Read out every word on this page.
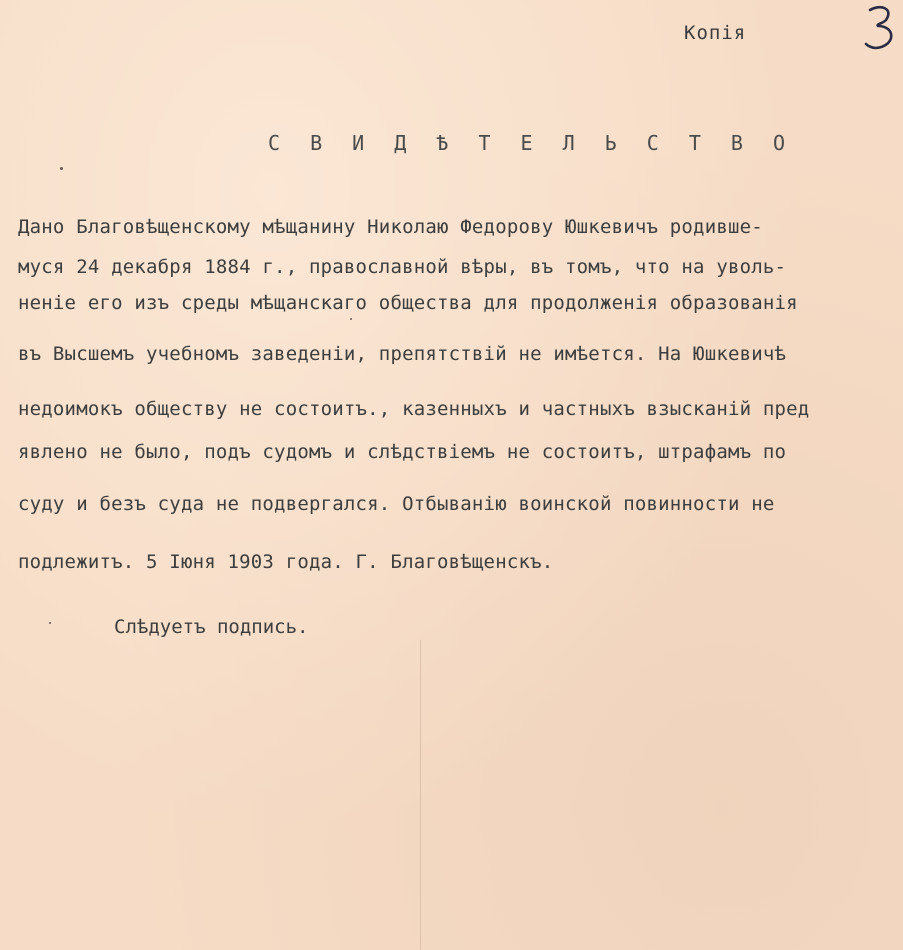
Копія
С В И Д Ѣ Т Е Л Ь С Т В О
Дано Благовѣщенскому мѣщанину Николаю Федорову Юшкевичъ родивше-
муся 24 декабря 1884 г., православной вѣры, въ томъ, что на уволь-
неніе его изъ среды мѣщанскаго общества для продолженія образованія
въ Высшемъ учебномъ заведеніи, препятствій не имѣется. На Юшкевичѣ
недоимокъ обществу не состоитъ., казенныхъ и частныхъ взысканій пред
явлено не было, подъ судомъ и слѣдствіемъ не состоитъ, штрафамъ по
суду и безъ суда не подвергался. Отбыванію воинской повинности не
подлежитъ. 5 Іюня 1903 года. Г. Благовѣщенскъ.
Слѣдуетъ подпись.
